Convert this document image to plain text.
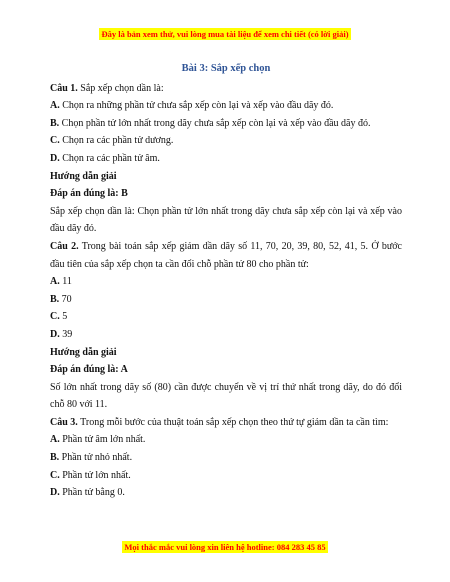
Đây là bản xem thử, vui lòng mua tài liệu để xem chi tiết (có lời giải)

Bài 3: Sắp xếp chọn

Câu 1. Sắp xếp chọn dần là:

A. Chọn ra những phần tử chưa sắp xếp còn lại và xếp vào đầu dãy đó.

B. Chọn phần tử lớn nhất trong dãy chưa sắp xếp còn lại và xếp vào đầu dãy đó.

C. Chọn ra các phần tử dương.

D. Chọn ra các phần tử âm.

Hướng dẫn giải

Đáp án đúng là: B

Sắp xếp chọn dần là: Chọn phần tử lớn nhất trong dãy chưa sắp xếp còn lại và xếp vào đầu dãy đó.

Câu 2. Trong bài toán sắp xếp giảm dần dãy số 11, 70, 20, 39, 80, 52, 41, 5. Ở bước đầu tiên của sắp xếp chọn ta cần đổi chỗ phần tử 80 cho phần tử:

A. 11

B. 70

C. 5

D. 39

Hướng dẫn giải

Đáp án đúng là: A

Số lớn nhất trong dãy số (80) cần được chuyển về vị trí thứ nhất trong dãy, do đó đổi chỗ 80 với 11.

Câu 3. Trong mỗi bước của thuật toán sắp xếp chọn theo thứ tự giảm dần ta cần tìm:

A. Phần tử âm lớn nhất.

B. Phần tử nhỏ nhất.

C. Phần tử lớn nhất.

D. Phần tử bằng 0.

Mọi thắc mắc vui lòng xin liên hệ hotline: 084 283 45 85
